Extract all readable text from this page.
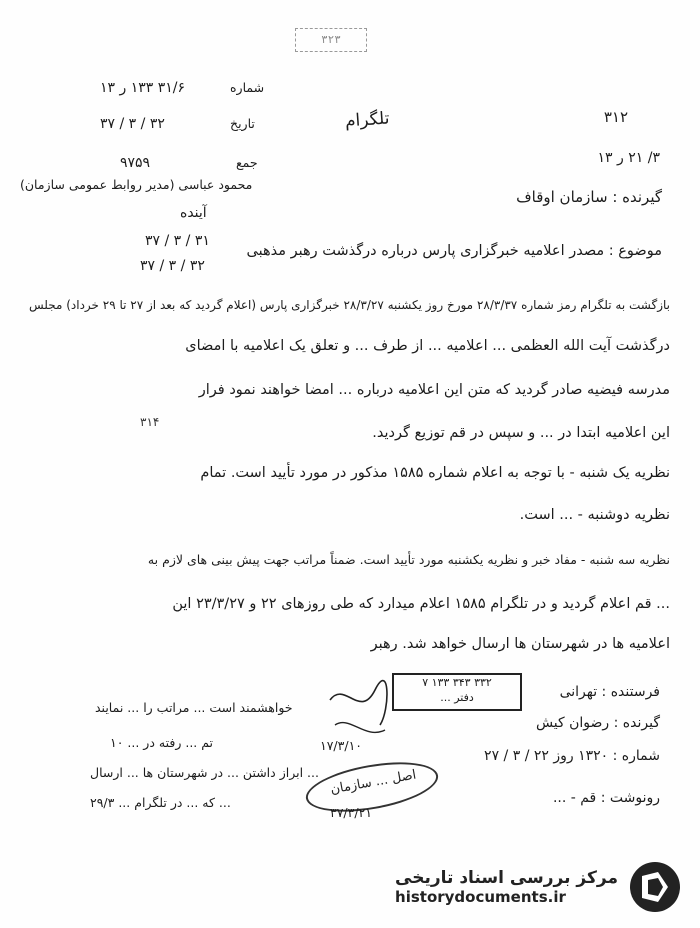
۳۲۳
تلگرام	۳۱۲
۳/ ۲۱ ر ۱۳
گیرنده : سازمان اوقاف
شماره
۳۱/۶ ۱۳۳ ر ۱۳
تاریخ
۳۲ / ۳ / ۳۷
جمع
۹۷۵۹
محمود عباسی (مدیر روابط عمومی سازمان)
آینده
۳۱ / ۳ / ۳۷
۳۲ / ۳ / ۳۷
موضوع : مصدر اعلامیه خبرگزاری پارس درباره درگذشت رهبر مذهبی
بازگشت به تلگرام رمز شماره ۲۸/۳/۳۷ مورخ روز یکشنبه ۲۸/۳/۲۷ خبرگزاری پارس (اعلام گردید که بعد از ۲۷ تا ۲۹ خرداد) مجلس
درگذشت آیت الله العظمی ... اعلامیه ... از طرف ... و تعلق یک اعلامیه با امضای
مدرسه فیضیه صادر گردید که متن این اعلامیه درباره ... امضا خواهند نمود فرار
این اعلامیه ابتدا در ... و سپس در قم توزیع گردید.
۳۱۴
نظریه یک شنبه - با توجه به اعلام شماره ۱۵۸۵ مذکور در مورد تأیید است. تمام
نظریه دوشنبه - ... است.
نظریه سه شنبه - مفاد خبر و نظریه یکشنبه مورد تأیید است. ضمناً مراتب جهت پیش بینی های لازم به
... قم اعلام گردید و در تلگرام ۱۵۸۵ اعلام میدارد که طی روزهای ۲۲ و ۲۳/۳/۲۷ این
اعلامیه ها در شهرستان ها ارسال خواهد شد. رهبر
فرستنده : تهرانی
گیرنده : رضوان کیش
شماره : ۱۳۲۰ روز ۲۲ / ۳ / ۲۷
رونوشت : قم - ...
۳۳۲ ۳۴۳ ۱۳۳ ۷
دفتر ...
۱۷/۳/۱۰
خواهشمند است ... مراتب را ... نمایند
تم ... رفته در ... ۱۰
... ابراز داشتن ... در شهرستان ها ... ارسال
... که ... در تلگرام ... ۲۹/۳
اصل ... سازمان
۳۷/۳/۲۱
مرکز بررسی اسناد تاریخی
historydocuments.ir
